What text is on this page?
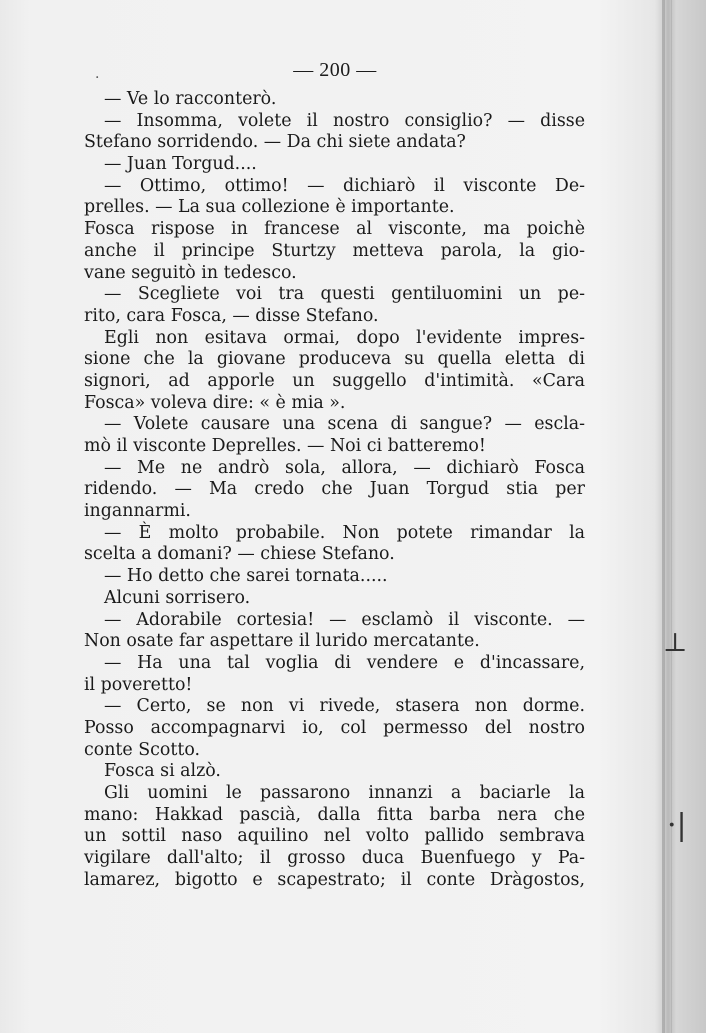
·
⊥
·|
— 200 —
— Ve lo racconterò.
— Insomma, volete il nostro consiglio? — disse
Stefano sorridendo. — Da chi siete andata?
— Juan Torgud....
— Ottimo, ottimo! — dichiarò il visconte De-
prelles. — La sua collezione è importante.
Fosca rispose in francese al visconte, ma poichè
anche il principe Sturtzy metteva parola, la gio-
vane seguitò in tedesco.
— Scegliete voi tra questi gentiluomini un pe-
rito, cara Fosca, — disse Stefano.
Egli non esitava ormai, dopo l'evidente impres-
sione che la giovane produceva su quella eletta di
signori, ad apporle un suggello d'intimità. «Cara
Fosca» voleva dire: « è mia ».
— Volete causare una scena di sangue? — escla-
mò il visconte Deprelles. — Noi ci batteremo!
— Me ne andrò sola, allora, — dichiarò Fosca
ridendo. — Ma credo che Juan Torgud stia per
ingannarmi.
— È molto probabile. Non potete rimandar la
scelta a domani? — chiese Stefano.
— Ho detto che sarei tornata.....
Alcuni sorrisero.
— Adorabile cortesia! — esclamò il visconte. —
Non osate far aspettare il lurido mercatante.
— Ha una tal voglia di vendere e d'incassare,
il poveretto!
— Certo, se non vi rivede, stasera non dorme.
Posso accompagnarvi io, col permesso del nostro
conte Scotto.
Fosca si alzò.
Gli uomini le passarono innanzi a baciarle la
mano: Hakkad pascià, dalla fitta barba nera che
un sottil naso aquilino nel volto pallido sembrava
vigilare dall'alto; il grosso duca Buenfuego y Pa-
lamarez, bigotto e scapestrato; il conte Dràgostos,
